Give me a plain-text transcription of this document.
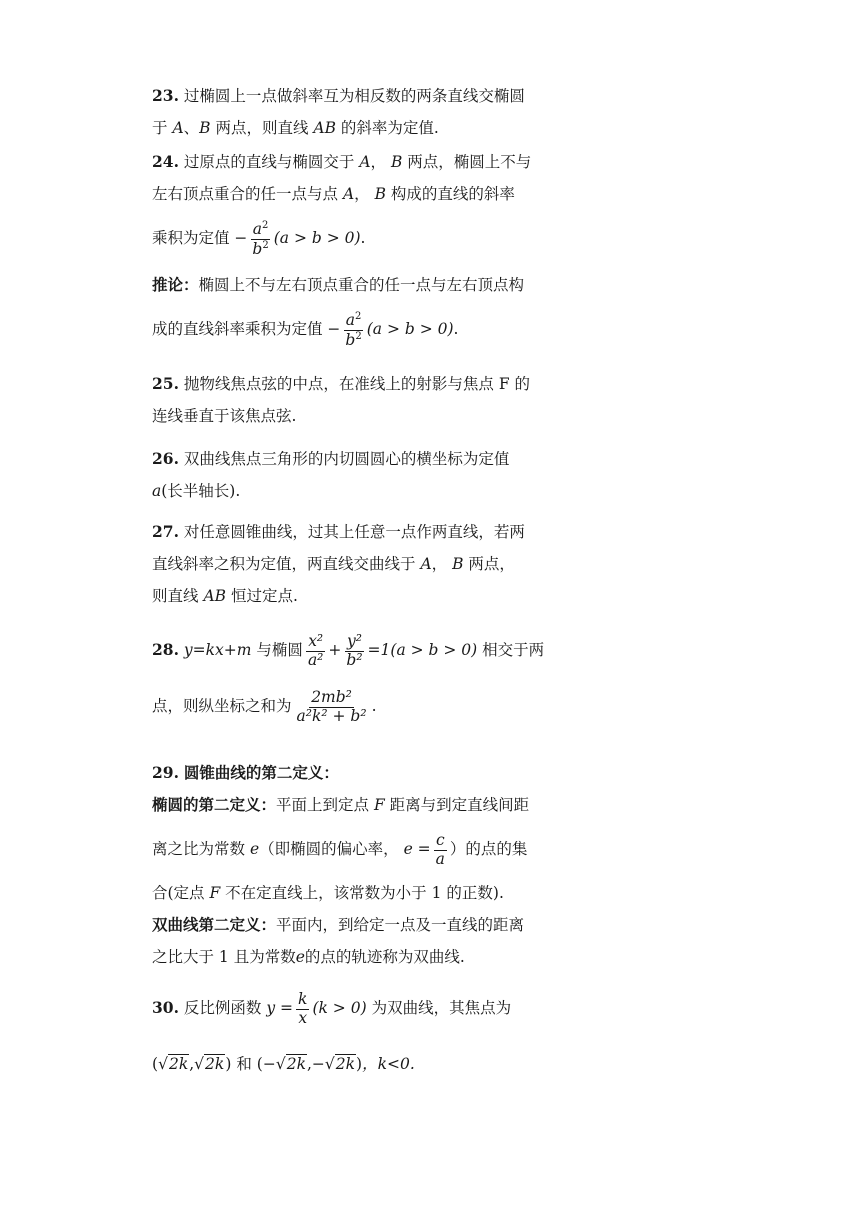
23. 过椭圆上一点做斜率互为相反数的两条直线交椭圆
于 A、B 两点，则直线 AB 的斜率为定值.
24. 过原点的直线与椭圆交于 A， B 两点，椭圆上不与
左右顶点重合的任一点与点 A， B 构成的直线的斜率
乘积为定值 − $\frac{a^2}{b^2} (a > b > 0)$.
推论：椭圆上不与左右顶点重合的任一点与左右顶点构
成的直线斜率乘积为定值 − $\frac{a^2}{b^2} (a > b > 0)$.
25. 抛物线焦点弦的中点，在准线上的射影与焦点 F 的
连线垂直于该焦点弦.
26. 双曲线焦点三角形的内切圆圆心的横坐标为定值
a(长半轴长).
27. 对任意圆锥曲线，过其上任意一点作两直线，若两
直线斜率之积为定值，两直线交曲线于 A， B 两点，
则直线 AB 恒过定点.
28. y=kx+m 与椭圆 $\frac{\text{x²}}{\text{a²}} + \frac{\text{y²}}{\text{b²}} =1(a > b > 0)$ 相交于两
点，则纵坐标之和为 $\frac{\text{2mb²}}{\text{a²k² + b²}}$ .
29. 圆锥曲线的第二定义：
椭圆的第二定义：平面上到定点 F 距离与到定直线间距
离之比为常数 e（即椭圆的偏心率， $e = \frac{c}{a}$ ）的点的集
合(定点 F 不在定直线上，该常数为小于 1 的正数).
双曲线第二定义：平面内，到给定一点及一直线的距离
之比大于 1 且为常数e的点的轨迹称为双曲线.
30. 反比例函数 $y = \frac{k}{x} (k > 0)$ 为双曲线，其焦点为
(√2k,√2k) 和 (−√2k,−√2k)，k<0.
